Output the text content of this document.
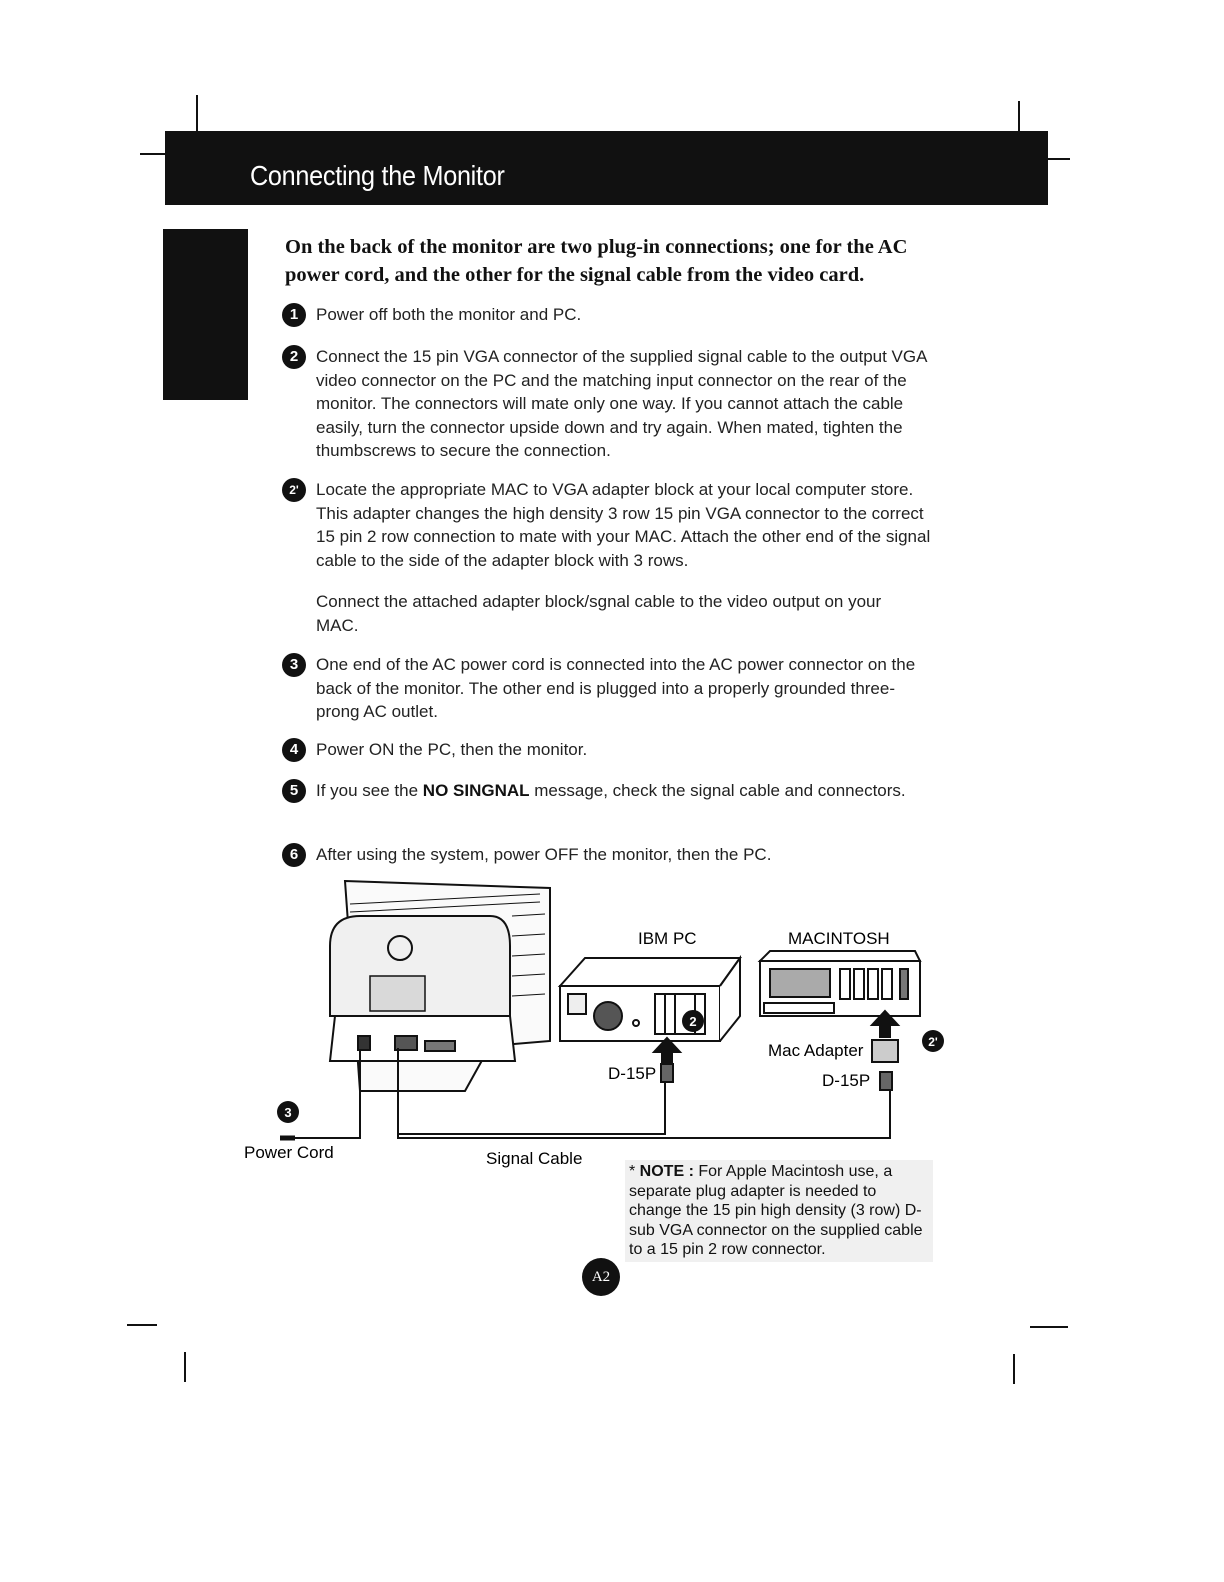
Connecting the Monitor
On the back of the monitor are two plug-in connections; one for the AC power cord, and the other for the signal cable from the video card.
1	Power off both the monitor and PC.
2	Connect the 15 pin VGA connector of the supplied signal cable to the output VGA video connector on the PC and the matching input connector on the rear of the monitor. The connectors will mate only one way. If you cannot attach the cable easily, turn the connector upside down and try again. When mated, tighten the thumbscrews to secure the connection.
2'	Locate the appropriate MAC to VGA adapter block at your local computer store. This adapter changes the high density 3 row 15 pin VGA connector to the correct 15 pin 2 row connection to mate with your MAC. Attach the other end of the signal cable to the side of the adapter block with 3 rows.
Connect the attached adapter block/sgnal cable to the video output on your MAC.
3	One end of the AC power cord is connected into the AC power connector on the back of the monitor. The other end is plugged into a properly grounded three-prong AC outlet.
4	Power ON the PC, then the monitor.
5	If you see the NO SINGNAL message, check the signal cable and connectors.
6	After using the system, power OFF the monitor, then the PC.
2
2'
3
IBM PC	MACINTOSH
Mac Adapter
D-15P	D-15P
Power Cord	Signal Cable
* NOTE : For Apple Macintosh use, a separate plug adapter is needed to change the 15 pin high density (3 row) D-sub VGA connector on the supplied cable to a 15 pin 2 row connector.
A2
